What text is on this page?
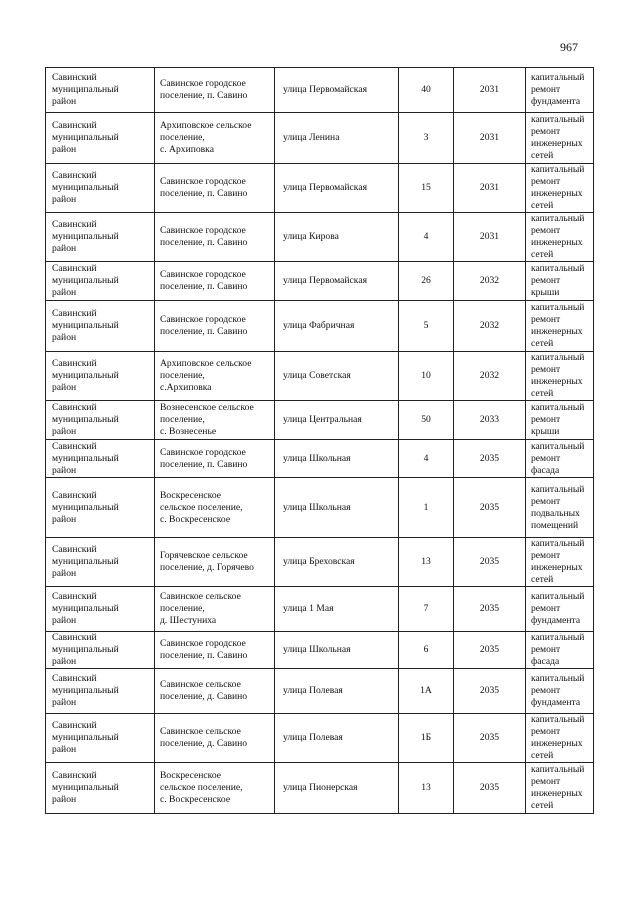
967
Савинский
муниципальный
район	Савинское городское
поселение, п. Савино	улица Первомайская	40	2031	капитальный
ремонт
фундамента
Савинский
муниципальный
район	Архиповское сельское
поселение,
с. Архиповка	улица Ленина	3	2031	капитальный
ремонт
инженерных
сетей
Савинский
муниципальный
район	Савинское городское
поселение, п. Савино	улица Первомайская	15	2031	капитальный
ремонт
инженерных
сетей
Савинский
муниципальный
район	Савинское городское
поселение, п. Савино	улица Кирова	4	2031	капитальный
ремонт
инженерных
сетей
Савинский
муниципальный
район	Савинское городское
поселение, п. Савино	улица Первомайская	26	2032	капитальный
ремонт крыши
Савинский
муниципальный
район	Савинское городское
поселение, п. Савино	улица Фабричная	5	2032	капитальный
ремонт
инженерных
сетей
Савинский
муниципальный
район	Архиповское сельское
поселение,
с.Архиповка	улица Советская	10	2032	капитальный
ремонт
инженерных
сетей
Савинский
муниципальный
район	Вознесенское сельское
поселение,
с. Вознесенье	улица Центральная	50	2033	капитальный
ремонт крыши
Савинский
муниципальный
район	Савинское городское
поселение, п. Савино	улица Школьная	4	2035	капитальный
ремонт фасада
Савинский
муниципальный
район	Воскресенское
сельское поселение,
с. Воскресенское	улица Школьная	1	2035	капитальный
ремонт
подвальных
помещений
Савинский
муниципальный
район	Горячевское сельское
поселение, д. Горячево	улица Бреховская	13	2035	капитальный
ремонт
инженерных
сетей
Савинский
муниципальный
район	Савинское сельское
поселение,
д. Шестуниха	улица 1 Мая	7	2035	капитальный
ремонт
фундамента
Савинский
муниципальный
район	Савинское городское
поселение, п. Савино	улица Школьная	6	2035	капитальный
ремонт фасада
Савинский
муниципальный
район	Савинское сельское
поселение, д. Савино	улица Полевая	1А	2035	капитальный
ремонт
фундамента
Савинский
муниципальный
район	Савинское сельское
поселение, д. Савино	улица Полевая	1Б	2035	капитальный
ремонт
инженерных
сетей
Савинский
муниципальный
район	Воскресенское
сельское поселение,
с. Воскресенское	улица Пионерская	13	2035	капитальный
ремонт
инженерных
сетей
